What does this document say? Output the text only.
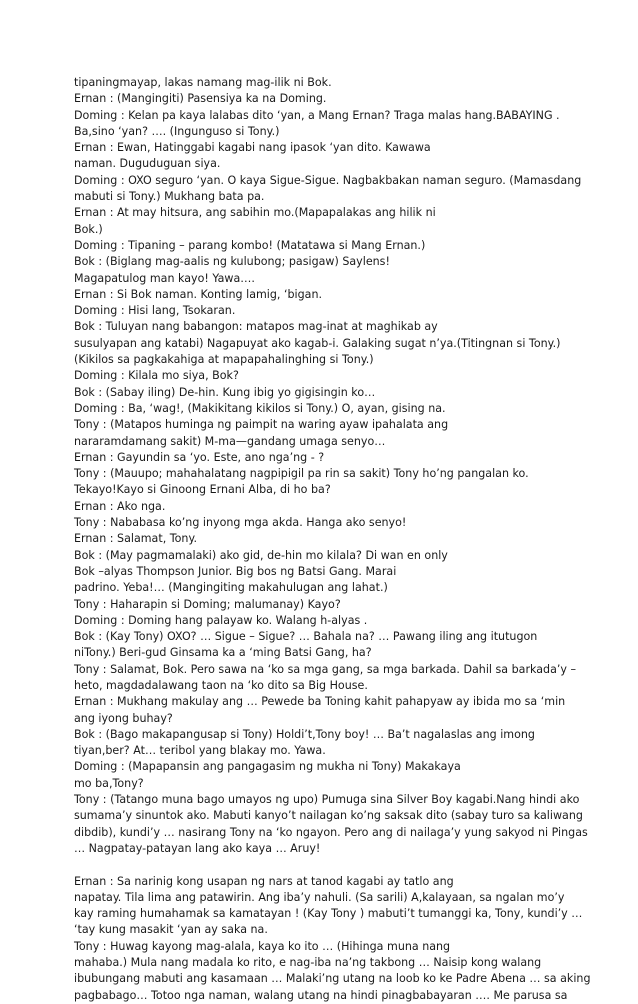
tipaningmayap, lakas namang mag-ilik ni Bok.
Ernan : (Mangingiti) Pasensiya ka na Doming.
Doming : Kelan pa kaya lalabas dito ‘yan, a Mang Ernan? Traga malas hang.BABAYING .
Ba,sino ‘yan? …. (Ingunguso si Tony.)
Ernan : Ewan, Hatinggabi kagabi nang ipasok ‘yan dito. Kawawa
naman. Duguduguan siya.
Doming : OXO seguro ‘yan. O kaya Sigue-Sigue. Nagbakbakan naman seguro. (Mamasdang
mabuti si Tony.) Mukhang bata pa.
Ernan : At may hitsura, ang sabihin mo.(Mapapalakas ang hilik ni
Bok.)
Doming : Tipaning – parang kombo! (Matatawa si Mang Ernan.)
Bok : (Biglang mag-aalis ng kulubong; pasigaw) Saylens!
Magapatulog man kayo! Yawa….
Ernan : Si Bok naman. Konting lamig, ‘bigan.
Doming : Hisi lang, Tsokaran.
Bok : Tuluyan nang babangon: matapos mag-inat at maghikab ay
susulyapan ang katabi) Nagapuyat ako kagab-i. Galaking sugat n’ya.(Titingnan si Tony.)
(Kikilos sa pagkakahiga at mapapahalinghing si Tony.)
Doming : Kilala mo siya, Bok?
Bok : (Sabay iling) De-hin. Kung ibig yo gigisingin ko…
Doming : Ba, ‘wag!, (Makikitang kikilos si Tony.) O, ayan, gising na.
Tony : (Matapos huminga ng paimpit na waring ayaw ipahalata ang
nararamdamang sakit) M-ma—gandang umaga senyo…
Ernan : Gayundin sa ‘yo. Este, ano nga’ng - ?
Tony : (Mauupo; mahahalatang nagpipigil pa rin sa sakit) Tony ho’ng pangalan ko.
Tekayo!Kayo si Ginoong Ernani Alba, di ho ba?
Ernan : Ako nga.
Tony : Nababasa ko’ng inyong mga akda. Hanga ako senyo!
Ernan : Salamat, Tony.
Bok : (May pagmamalaki) ako gid, de-hin mo kilala? Di wan en only
Bok –alyas Thompson Junior. Big bos ng Batsi Gang. Marai
padrino. Yeba!… (Mangingiting makahulugan ang lahat.)
Tony : Haharapin si Doming; malumanay) Kayo?
Doming : Doming hang palayaw ko. Walang h-alyas .
Bok : (Kay Tony) OXO? … Sigue – Sigue? … Bahala na? … Pawang iling ang itutugon
niTony.) Beri-gud Ginsama ka a ‘ming Batsi Gang, ha?
Tony : Salamat, Bok. Pero sawa na ‘ko sa mga gang, sa mga barkada. Dahil sa barkada’y –
heto, magdadalawang taon na ‘ko dito sa Big House.
Ernan : Mukhang makulay ang … Pewede ba Toning kahit pahapyaw ay ibida mo sa ‘min
ang iyong buhay?
Bok : (Bago makapangusap si Tony) Holdi’t,Tony boy! … Ba’t nagalaslas ang imong
tiyan,ber? At… teribol yang blakay mo. Yawa.
Doming : (Mapapansin ang pangagasim ng mukha ni Tony) Makakaya
mo ba,Tony?
Tony : (Tatango muna bago umayos ng upo) Pumuga sina Silver Boy kagabi.Nang hindi ako
sumama’y sinuntok ako. Mabuti kanyo’t nailagan ko’ng saksak dito (sabay turo sa kaliwang
dibdib), kundi’y … nasirang Tony na ‘ko ngayon. Pero ang di nailaga’y yung sakyod ni Pingas
… Nagpatay-patayan lang ako kaya … Aruy!
Ernan : Sa narinig kong usapan ng nars at tanod kagabi ay tatlo ang
napatay. Tila lima ang patawirin. Ang iba’y nahuli. (Sa sarili) A,kalayaan, sa ngalan mo’y
kay raming humahamak sa kamatayan ! (Kay Tony ) mabuti’t tumanggi ka, Tony, kundi’y …
‘tay kung masakit ‘yan ay saka na.
Tony : Huwag kayong mag-alala, kaya ko ito … (Hihinga muna nang
mahaba.) Mula nang madala ko rito, e nag-iba na’ng takbong … Naisip kong walang
ibubungang mabuti ang kasamaan … Malaki’ng utang na loob ko ke Padre Abena … sa aking
pagbabago… Totoo nga naman, walang utang na hindi pinagbabayaran …. Me parusa sa
